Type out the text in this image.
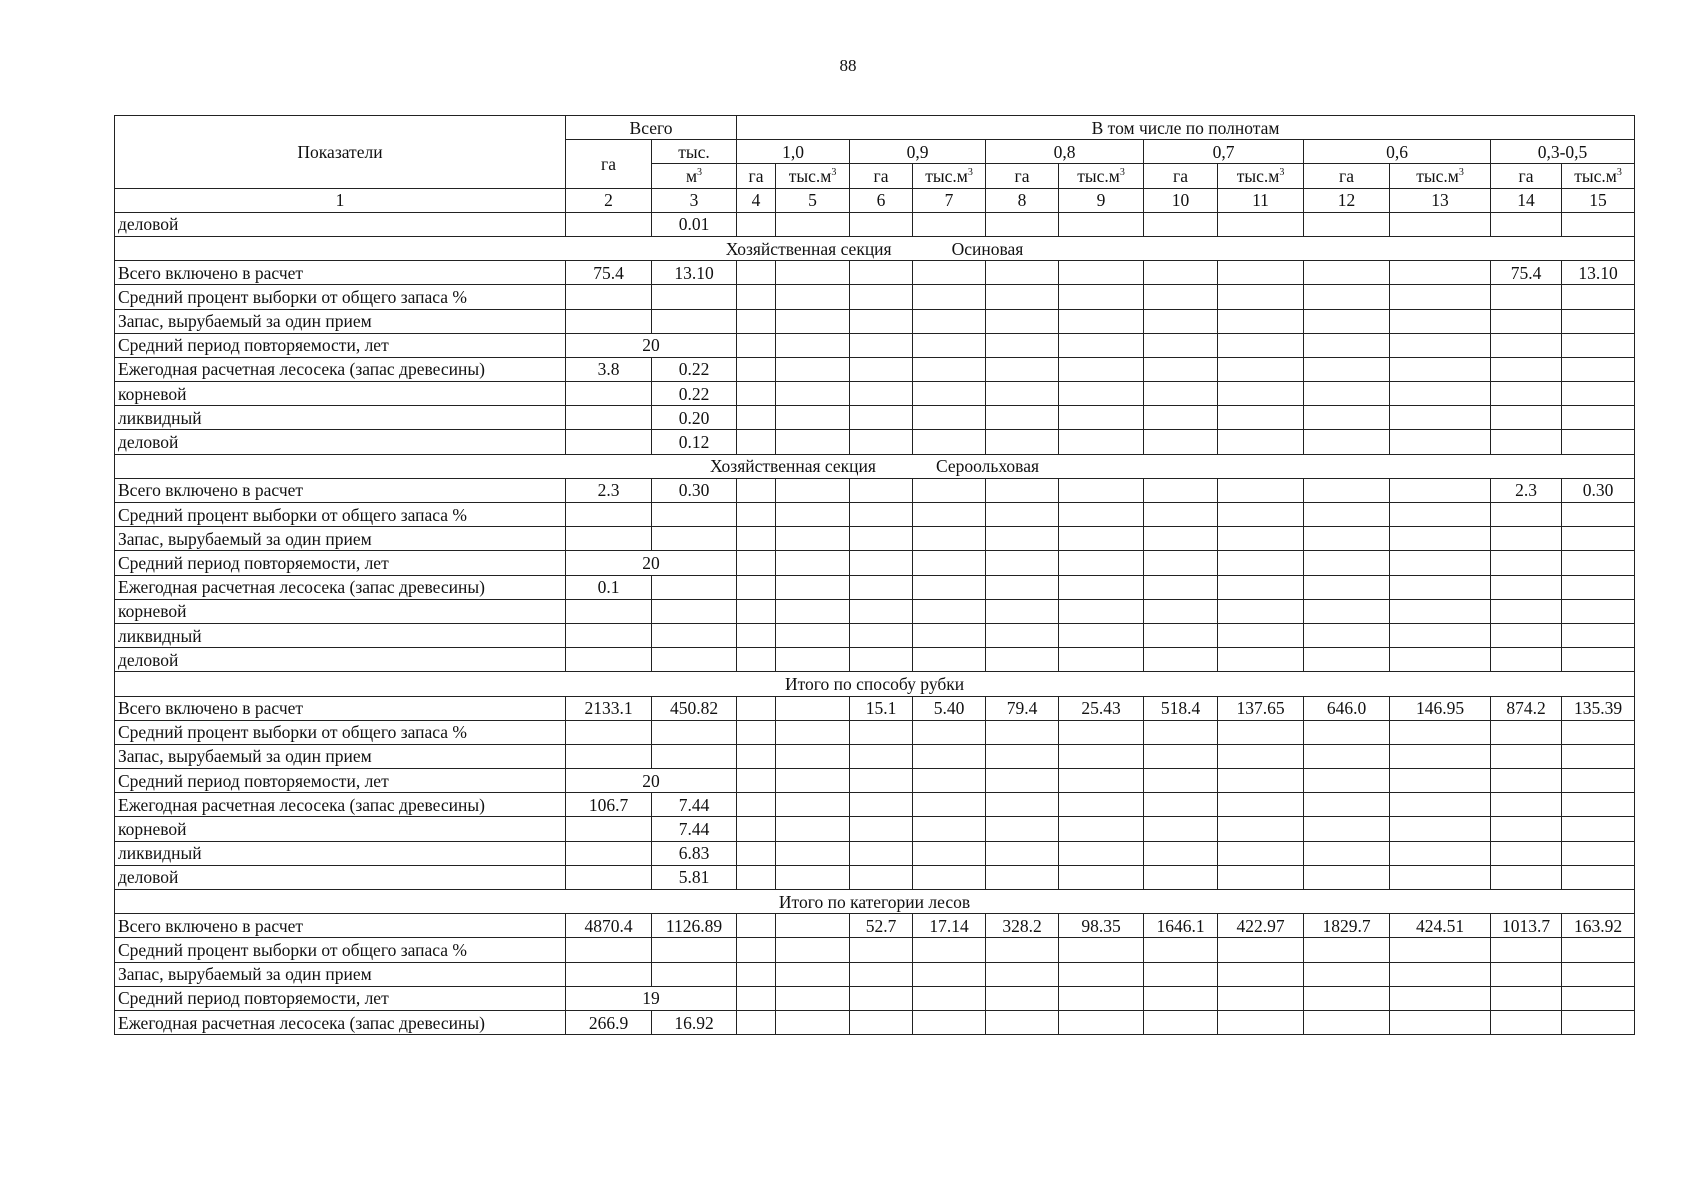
88
Показатели	Всего		В том числе по полнотам											
	га	тыс.	1,0		0,9		0,8		0,7		0,6		0,3-0,5	
		$м^3$	га	$тыс.м^3$	га	$тыс.м^3$	га	$тыс.м^3$	га	$тыс.м^3$	га	$тыс.м^3$	га	$тыс.м^3$
1	2	3	4	5	6	7	8	9	10	11	12	13	14	15
деловой		0.01												
Хозяйственная секция Осиновая														
Всего включено в расчет	75.4	13.10											75.4	13.10
Средний процент выборки от общего запаса %														
Запас, вырубаемый за один прием														
Средний период повторяемости, лет	20													
Ежегодная расчетная лесосека (запас древесины)	3.8	0.22												
корневой		0.22												
ликвидный		0.20												
деловой		0.12												
Хозяйственная секция Сероольховая														
Всего включено в расчет	2.3	0.30											2.3	0.30
Средний процент выборки от общего запаса %														
Запас, вырубаемый за один прием														
Средний период повторяемости, лет	20													
Ежегодная расчетная лесосека (запас древесины)	0.1													
корневой														
ликвидный														
деловой														
Итого по способу рубки														
Всего включено в расчет	2133.1	450.82			15.1	5.40	79.4	25.43	518.4	137.65	646.0	146.95	874.2	135.39
Средний процент выборки от общего запаса %														
Запас, вырубаемый за один прием														
Средний период повторяемости, лет	20													
Ежегодная расчетная лесосека (запас древесины)	106.7	7.44												
корневой		7.44												
ликвидный		6.83												
деловой		5.81												
Итого по категории лесов														
Всего включено в расчет	4870.4	1126.89			52.7	17.14	328.2	98.35	1646.1	422.97	1829.7	424.51	1013.7	163.92
Средний процент выборки от общего запаса %														
Запас, вырубаемый за один прием														
Средний период повторяемости, лет	19													
Ежегодная расчетная лесосека (запас древесины)	266.9	16.92												
